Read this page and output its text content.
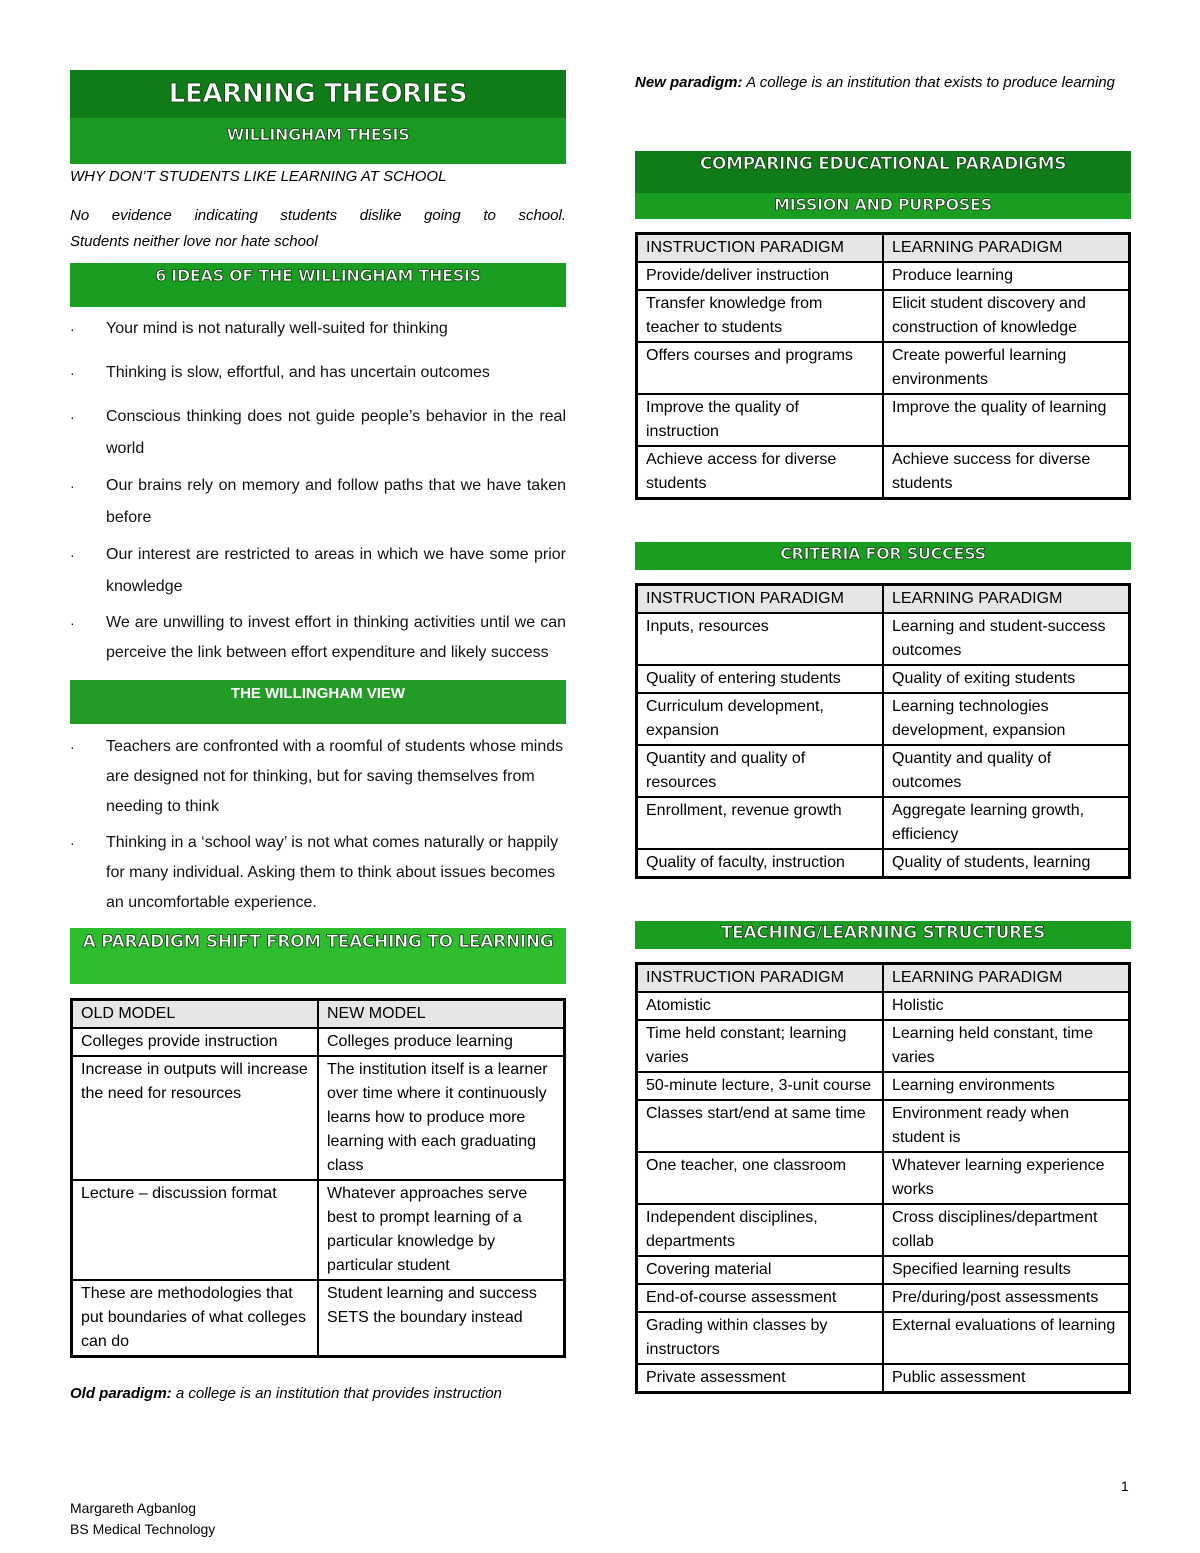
LEARNING THEORIES
WILLINGHAM THESIS
WHY DON’T STUDENTS LIKE LEARNING AT SCHOOL
No evidence indicating students dislike going to school.
Students neither love nor hate school
6 IDEAS OF THE WILLINGHAM THESIS
· Your mind is not naturally well-suited for thinking
· Thinking is slow, effortful, and has uncertain outcomes
· Conscious thinking does not guide people’s behavior in the real world
· Our brains rely on memory and follow paths that we have taken before
· Our interest are restricted to areas in which we have some prior knowledge
· We are unwilling to invest effort in thinking activities until we can perceive the link between effort expenditure and likely success
THE WILLINGHAM VIEW
· Teachers are confronted with a roomful of students whose minds are designed not for thinking, but for saving themselves from needing to think
· Thinking in a ‘school way’ is not what comes naturally or happily for many individual. Asking them to think about issues becomes an uncomfortable experience.
A PARADIGM SHIFT FROM TEACHING TO LEARNING
OLD MODEL	NEW MODEL
Colleges provide instruction	Colleges produce learning
Increase in outputs will increase the need for resources	The institution itself is a learner over time where it continuously learns how to produce more learning with each graduating class
Lecture – discussion format	Whatever approaches serve best to prompt learning of a particular knowledge by particular student
These are methodologies that put boundaries of what colleges can do	Student learning and success SETS the boundary instead
Old paradigm: a college is an institution that provides instruction
New paradigm: A college is an institution that exists to produce learning
COMPARING EDUCATIONAL PARADIGMS
MISSION AND PURPOSES
INSTRUCTION PARADIGM	LEARNING PARADIGM
Provide/deliver instruction	Produce learning
Transfer knowledge from teacher to students	Elicit student discovery and construction of knowledge
Offers courses and programs	Create powerful learning environments
Improve the quality of instruction	Improve the quality of learning
Achieve access for diverse students	Achieve success for diverse students
CRITERIA FOR SUCCESS
INSTRUCTION PARADIGM	LEARNING PARADIGM
Inputs, resources	Learning and student-success outcomes
Quality of entering students	Quality of exiting students
Curriculum development, expansion	Learning technologies development, expansion
Quantity and quality of resources	Quantity and quality of outcomes
Enrollment, revenue growth	Aggregate learning growth, efficiency
Quality of faculty, instruction	Quality of students, learning
TEACHING/LEARNING STRUCTURES
INSTRUCTION PARADIGM	LEARNING PARADIGM
Atomistic	Holistic
Time held constant; learning varies	Learning held constant, time varies
50-minute lecture, 3-unit course	Learning environments
Classes start/end at same time	Environment ready when student is
One teacher, one classroom	Whatever learning experience works
Independent disciplines, departments	Cross disciplines/department collab
Covering material	Specified learning results
End-of-course assessment	Pre/during/post assessments
Grading within classes by instructors	External evaluations of learning
Private assessment	Public assessment
1
Margareth Agbanlog
BS Medical Technology
